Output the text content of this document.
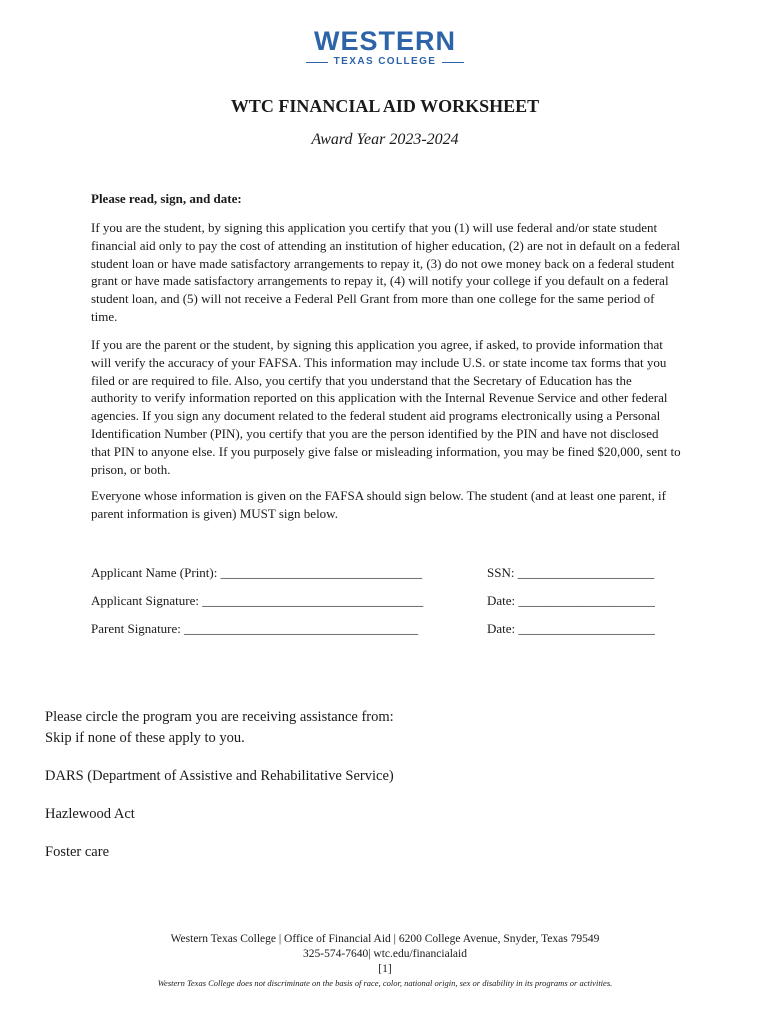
WESTERN
TEXAS COLLEGE
WTC FINANCIAL AID WORKSHEET
Award Year 2023-2024
Please read, sign, and date:

If you are the student, by signing this application you certify that you (1) will use federal and/or state student financial aid only to pay the cost of attending an institution of higher education, (2) are not in default on a federal student loan or have made satisfactory arrangements to repay it, (3) do not owe money back on a federal student grant or have made satisfactory arrangements to repay it, (4) will notify your college if you default on a federal student loan, and (5) will not receive a Federal Pell Grant from more than one college for the same period of time.

If you are the parent or the student, by signing this application you agree, if asked, to provide information that will verify the accuracy of your FAFSA. This information may include U.S. or state income tax forms that you filed or are required to file. Also, you certify that you understand that the Secretary of Education has the authority to verify information reported on this application with the Internal Revenue Service and other federal agencies. If you sign any document related to the federal student aid programs electronically using a Personal Identification Number (PIN), you certify that you are the person identified by the PIN and have not disclosed that PIN to anyone else. If you purposely give false or misleading information, you may be fined $20,000, sent to prison, or both.

Everyone whose information is given on the FAFSA should sign below. The student (and at least one parent, if parent information is given) MUST sign below.

Applicant Name (Print): _______________________________	SSN: _____________________
Applicant Signature: __________________________________	Date: _____________________
Parent Signature: ____________________________________	Date: _____________________
Please circle the program you are receiving assistance from:
Skip if none of these apply to you.
DARS (Department of Assistive and Rehabilitative Service)
Hazlewood Act
Foster care
Western Texas College | Office of Financial Aid | 6200 College Avenue, Snyder, Texas 79549
325-574-7640| wtc.edu/financialaid
[1]
Western Texas College does not discriminate on the basis of race, color, national origin, sex or disability in its programs or activities.
